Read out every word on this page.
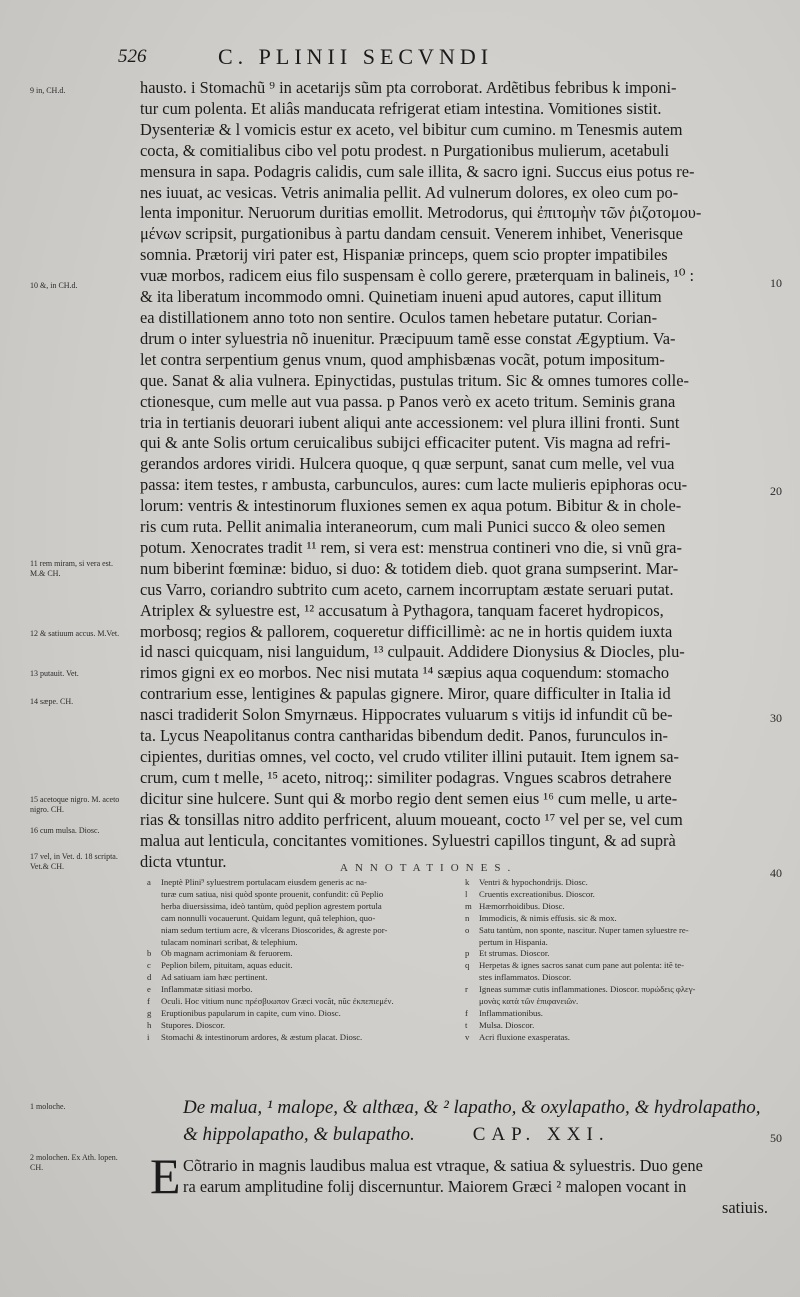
526	C. PLINII SECVNDI

hausto. i Stomachũ ⁹ in acetarijs sũm pta corroborat. Ardẽtibus febribus k imponi-

tur cum polenta. Et aliâs manducata refrigerat etiam intestina. Vomitiones sistit.

Dysenteriæ & l vomicis estur ex aceto, vel bibitur cum cumino. m Tenesmis autem

cocta, & comitialibus cibo vel potu prodest. n Purgationibus mulierum, acetabuli

mensura in sapa. Podagris calidis, cum sale illita, & sacro igni. Succus eius potus re-

nes iuuat, ac vesicas. Vetris animalia pellit. Ad vulnerum dolores, ex oleo cum po-

lenta imponitur. Neruorum duritias emollit. Metrodorus, qui ἐπιτομὴν τῶν ῥιζοτομου-

μένων scripsit, purgationibus à partu dandam censuit. Venerem inhibet, Venerisque

somnia. Prætorij viri pater est, Hispaniæ princeps, quem scio propter impatibiles

vuæ morbos, radicem eius filo suspensam è collo gerere, præterquam in balineis, ¹⁰ :

& ita liberatum incommodo omni. Quinetiam inueni apud autores, caput illitum

ea distillationem anno toto non sentire. Oculos tamen hebetare putatur. Corian-

drum o inter syluestria nõ inuenitur. Præcipuum tamẽ esse constat Ægyptium. Va-

let contra serpentium genus vnum, quod amphisbænas vocãt, potum impositum-

que. Sanat & alia vulnera. Epinyctidas, pustulas tritum. Sic & omnes tumores colle-

ctionesque, cum melle aut vua passa. p Panos verò ex aceto tritum. Seminis grana

tria in tertianis deuorari iubent aliqui ante accessionem: vel plura illini fronti. Sunt

qui & ante Solis ortum ceruicalibus subijci efficaciter putent. Vis magna ad refri-

gerandos ardores viridi. Hulcera quoque, q quæ serpunt, sanat cum melle, vel vua

passa: item testes, r ambusta, carbunculos, aures: cum lacte mulieris epiphoras ocu-

lorum: ventris & intestinorum fluxiones semen ex aqua potum. Bibitur & in chole-

ris cum ruta. Pellit animalia interaneorum, cum mali Punici succo & oleo semen

potum. Xenocrates tradit ¹¹ rem, si vera est: menstrua contineri vno die, si vnũ gra-

num biberint fœminæ: biduo, si duo: & totidem dieb. quot grana sumpserint. Mar-

cus Varro, coriandro subtrito cum aceto, carnem incorruptam æstate seruari putat.

Atriplex & syluestre est, ¹² accusatum à Pythagora, tanquam faceret hydropicos,

morbosq; regios & pallorem, coqueretur difficillimè: ac ne in hortis quidem iuxta

id nasci quicquam, nisi languidum, ¹³ culpauit. Addidere Dionysius & Diocles, plu-

rimos gigni ex eo morbos. Nec nisi mutata ¹⁴ sæpius aqua coquendum: stomacho

contrarium esse, lentigines & papulas gignere. Miror, quare difficulter in Italia id

nasci tradiderit Solon Smyrnæus. Hippocrates vuluarum s vitijs id infundit cũ be-

ta. Lycus Neapolitanus contra cantharidas bibendum dedit. Panos, furunculos in-

cipientes, duritias omnes, vel cocto, vel crudo vtiliter illini putauit. Item ignem sa-

crum, cum t melle, ¹⁵ aceto, nitroq;: similiter podagras. Vngues scabros detrahere

dicitur sine hulcere. Sunt qui & morbo regio dent semen eius ¹⁶ cum melle, u arte-

rias & tonsillas nitro addito perfricent, aluum moueant, cocto ¹⁷ vel per se, vel cum

malua aut lenticula, concitantes vomitiones. Syluestri capillos tingunt, & ad suprà

dicta vtuntur.

9 in, CH.d.
10 &, in CH.d.
11 rem miram, si vera est. M.& CH.
12 & satiuum accus. M.Vet.
13 putauit. Vet.
14 sæpe. CH.
15 acetoque nigro. M. aceto nigro. CH.
16 cum mulsa. Diosc.
17 vel, in Vet. d. 18 scripta. Vet.& CH.
1 moloche.
2 molochen. Ex Ath. lopen. CH.
10
20
30
40
50
ANNOTATIONES.
a	Ineptè Plini⁹ syluestrem portulacam eiusdem generis ac na-
turæ cum satiua, nisi quòd sponte prouenit, confundit: cũ Peplio
herba diuersissima, ideò tantùm, quòd peplion agrestem portula
cam nonnulli vocauerunt. Quidam legunt, quã telephion, quo-
niam sedum tertium acre, & vlcerans Dioscorides, & agreste por-
tulacam nominari scribat, & telephium.
b	Ob magnam acrimoniam & feruorem.
c	Peplion bilem, pituitam, aquas educit.
d	Ad satiuam iam hæc pertinent.
e	Inflammatæ sitiasi morbo.
f	Oculi. Hoc vitium nunc πρέσβυωπον Græci vocãt, nũc ἐκπεπιεμέν.
g	Eruptionibus papularum in capite, cum vino. Diosc.
h	Stupores. Dioscor.
i	Stomachi & intestinorum ardores, & æstum placat. Diosc.
k	Ventri & hypochondrijs. Diosc.
l	Cruentis excreationibus. Dioscor.
m Hæmorrhoidibus. Diosc.
n	Immodicis, & nimis effusis. sic & mox.
o	Satu tantùm, non sponte, nascitur. Nuper tamen syluestre re-
pertum in Hispania.
p	Et strumas. Dioscor.
q	Herpetas & ignes sacros sanat cum pane aut polenta: itẽ te-
stes inflammatos. Dioscor.
r	Igneas summæ cutis inflammationes. Dioscor. πυρώδεις φλεγ-
μονὰς κατὰ τῶν ἐπιφανειῶν.
f	Inflammationibus.
t	Mulsa. Dioscor.
v	Acri fluxione exasperatas.
De malua, ¹ malope, & althæa, & ² lapatho, & oxylapatho, & hydrolapatho,
& hippolapatho, & bulapatho.	CAP. XXI.
E Cõtrario in magnis laudibus malua est vtraque, & satiua & syluestris. Duo gene
ra earum amplitudine folij discernuntur. Maiorem Græci ² malopen vocant in
satiuis.
